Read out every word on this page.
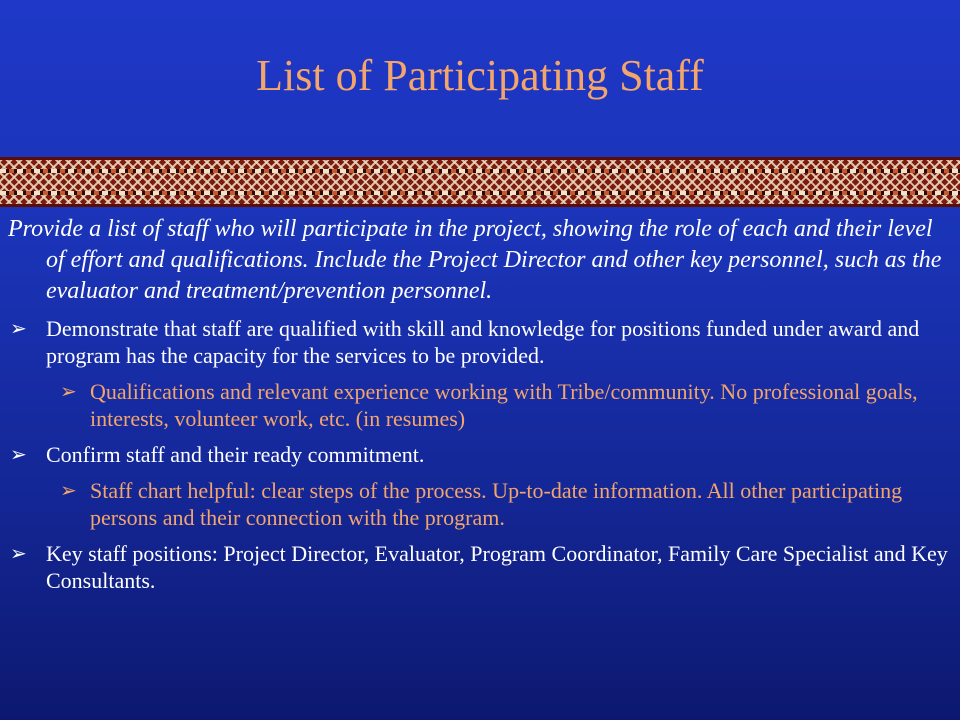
List of Participating Staff

Provide a list of staff who will participate in the project, showing the role of each and their level of effort and qualifications. Include the Project Director and other key personnel, such as the evaluator and treatment/prevention personnel.

➢ Demonstrate that staff are qualified with skill and knowledge for positions funded under award and program has the capacity for the services to be provided.
➢ Qualifications and relevant experience working with Tribe/community. No professional goals, interests, volunteer work, etc. (in resumes)
➢ Confirm staff and their ready commitment.
➢ Staff chart helpful: clear steps of the process. Up-to-date information. All other participating persons and their connection with the program.
➢ Key staff positions: Project Director, Evaluator, Program Coordinator, Family Care Specialist and Key Consultants.
